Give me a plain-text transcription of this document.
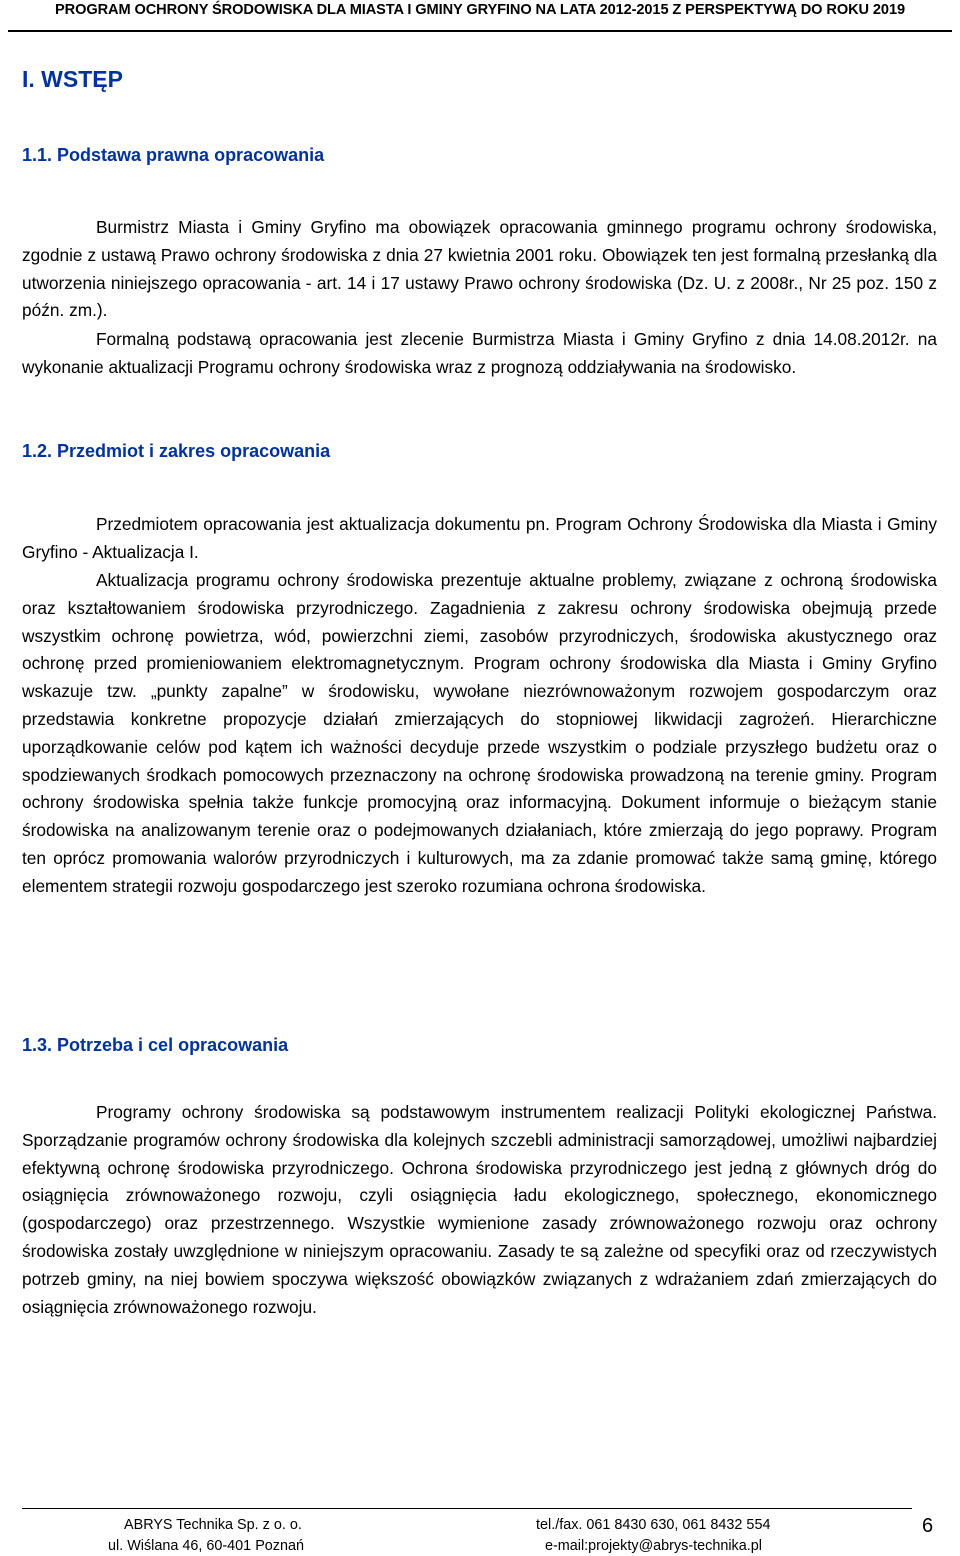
PROGRAM OCHRONY ŚRODOWISKA DLA MIASTA I GMINY GRYFINO NA LATA 2012-2015 Z PERSPEKTYWĄ DO ROKU 2019
I. WSTĘP
1.1. Podstawa prawna opracowania

Burmistrz Miasta i Gminy Gryfino ma obowiązek opracowania gminnego programu ochrony środowiska, zgodnie z ustawą Prawo ochrony środowiska z dnia 27 kwietnia 2001 roku. Obowiązek ten jest formalną przesłanką dla utworzenia niniejszego opracowania - art. 14 i 17 ustawy Prawo ochrony środowiska (Dz. U. z 2008r., Nr 25 poz. 150 z późn. zm.).

Formalną podstawą opracowania jest zlecenie Burmistrza Miasta i Gminy Gryfino z dnia 14.08.2012r. na wykonanie aktualizacji Programu ochrony środowiska wraz z prognozą oddziaływania na środowisko.

1.2. Przedmiot i zakres opracowania

Przedmiotem opracowania jest aktualizacja dokumentu pn. Program Ochrony Środowiska dla Miasta i Gminy Gryfino - Aktualizacja I.

Aktualizacja programu ochrony środowiska prezentuje aktualne problemy, związane z ochroną środowiska oraz kształtowaniem środowiska przyrodniczego. Zagadnienia z zakresu ochrony środowiska obejmują przede wszystkim ochronę powietrza, wód, powierzchni ziemi, zasobów przyrodniczych, środowiska akustycznego oraz ochronę przed promieniowaniem elektromagnetycznym. Program ochrony środowiska dla Miasta i Gminy Gryfino wskazuje tzw. „punkty zapalne” w środowisku, wywołane niezrównoważonym rozwojem gospodarczym oraz przedstawia konkretne propozycje działań zmierzających do stopniowej likwidacji zagrożeń. Hierarchiczne uporządkowanie celów pod kątem ich ważności decyduje przede wszystkim o podziale przyszłego budżetu oraz o spodziewanych środkach pomocowych przeznaczony na ochronę środowiska prowadzoną na terenie gminy. Program ochrony środowiska spełnia także funkcje promocyjną oraz informacyjną. Dokument informuje o bieżącym stanie środowiska na analizowanym terenie oraz o podejmowanych działaniach, które zmierzają do jego poprawy. Program ten oprócz promowania walorów przyrodniczych i kulturowych, ma za zdanie promować także samą gminę, którego elementem strategii rozwoju gospodarczego jest szeroko rozumiana ochrona środowiska.

1.3. Potrzeba i cel opracowania

Programy ochrony środowiska są podstawowym instrumentem realizacji Polityki ekologicznej Państwa. Sporządzanie programów ochrony środowiska dla kolejnych szczebli administracji samorządowej, umożliwi najbardziej efektywną ochronę środowiska przyrodniczego. Ochrona środowiska przyrodniczego jest jedną z głównych dróg do osiągnięcia zrównoważonego rozwoju, czyli osiągnięcia ładu ekologicznego, społecznego, ekonomicznego (gospodarczego) oraz przestrzennego. Wszystkie wymienione zasady zrównoważonego rozwoju oraz ochrony środowiska zostały uwzględnione w niniejszym opracowaniu. Zasady te są zależne od specyfiki oraz od rzeczywistych potrzeb gminy, na niej bowiem spoczywa większość obowiązków związanych z wdrażaniem zdań zmierzających do osiągnięcia zrównoważonego rozwoju.

ABRYS Technika Sp. z o. o.
ul. Wiślana 46, 60-401 Poznań
tel./fax. 061 8430 630, 061 8432 554
e-mail:projekty@abrys-technika.pl
6
